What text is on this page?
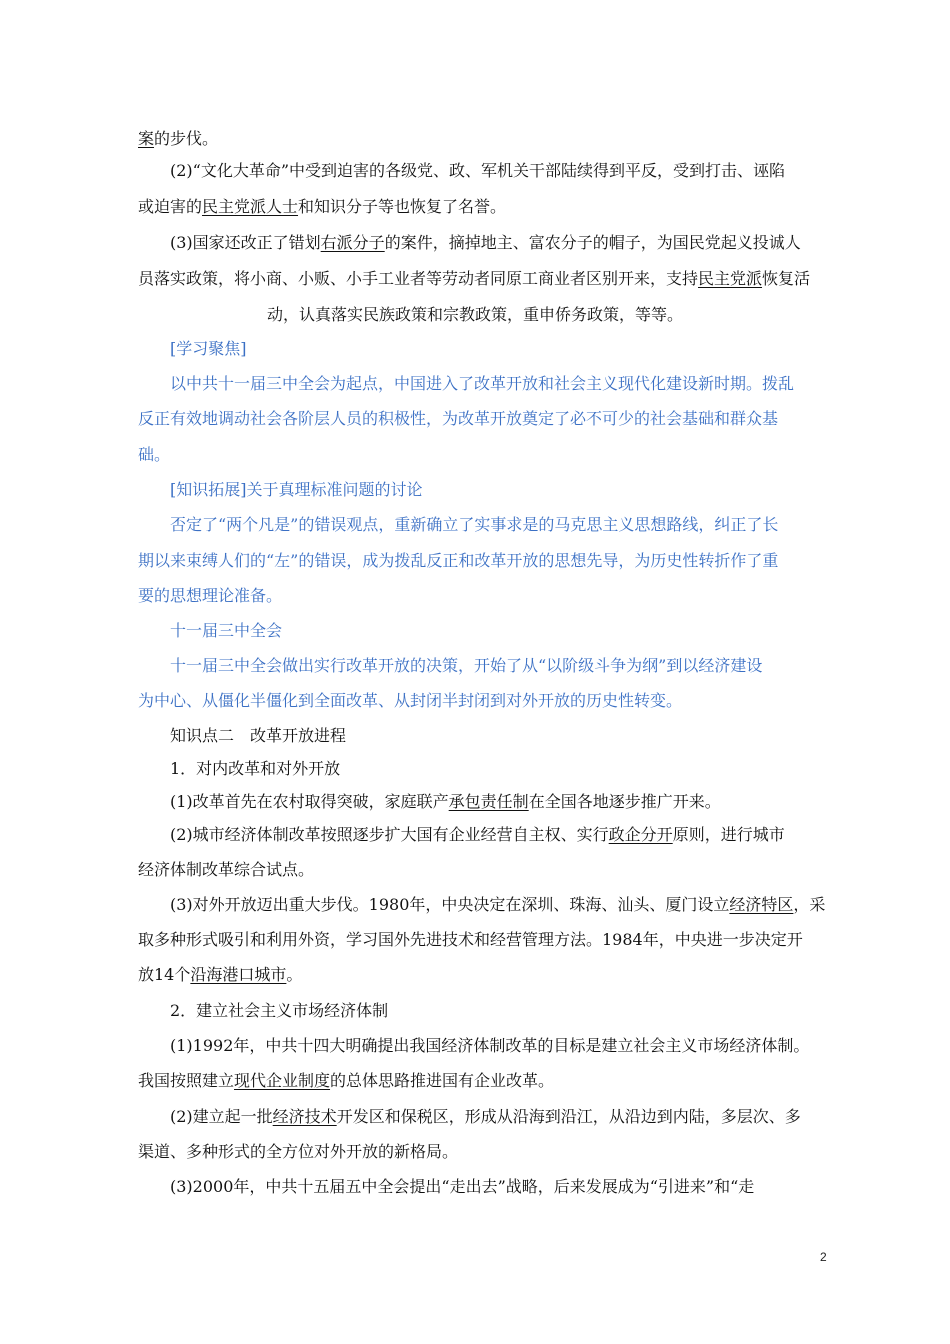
案的步伐。
(2)“文化大革命”中受到迫害的各级党、政、军机关干部陆续得到平反，受到打击、诬陷
或迫害的民主党派人士和知识分子等也恢复了名誉。
(3)国家还改正了错划右派分子的案件，摘掉地主、富农分子的帽子，为国民党起义投诚人
员落实政策，将小商、小贩、小手工业者等劳动者同原工商业者区别开来，支持民主党派恢复活
动，认真落实民族政策和宗教政策，重申侨务政策，等等。
[学习聚焦]
以中共十一届三中全会为起点，中国进入了改革开放和社会主义现代化建设新时期。拨乱
反正有效地调动社会各阶层人员的积极性，为改革开放奠定了必不可少的社会基础和群众基
础。
[知识拓展]关于真理标准问题的讨论
否定了“两个凡是”的错误观点，重新确立了实事求是的马克思主义思想路线，纠正了长
期以来束缚人们的“左”的错误，成为拨乱反正和改革开放的思想先导，为历史性转折作了重
要的思想理论准备。
十一届三中全会
十一届三中全会做出实行改革开放的决策，开始了从“以阶级斗争为纲”到以经济建设
为中心、从僵化半僵化到全面改革、从封闭半封闭到对外开放的历史性转变。
知识点二　改革开放进程
1．对内改革和对外开放
(1)改革首先在农村取得突破，家庭联产承包责任制在全国各地逐步推广开来。
(2)城市经济体制改革按照逐步扩大国有企业经营自主权、实行政企分开原则，进行城市
经济体制改革综合试点。
(3)对外开放迈出重大步伐。1980年，中央决定在深圳、珠海、汕头、厦门设立经济特区，采
取多种形式吸引和利用外资，学习国外先进技术和经营管理方法。1984年，中央进一步决定开
放14个沿海港口城市。
2．建立社会主义市场经济体制
(1)1992年，中共十四大明确提出我国经济体制改革的目标是建立社会主义市场经济体制。
我国按照建立现代企业制度的总体思路推进国有企业改革。
(2)建立起一批经济技术开发区和保税区，形成从沿海到沿江，从沿边到内陆，多层次、多
渠道、多种形式的全方位对外开放的新格局。
(3)2000年，中共十五届五中全会提出“走出去”战略，后来发展成为“引进来”和“走
2
